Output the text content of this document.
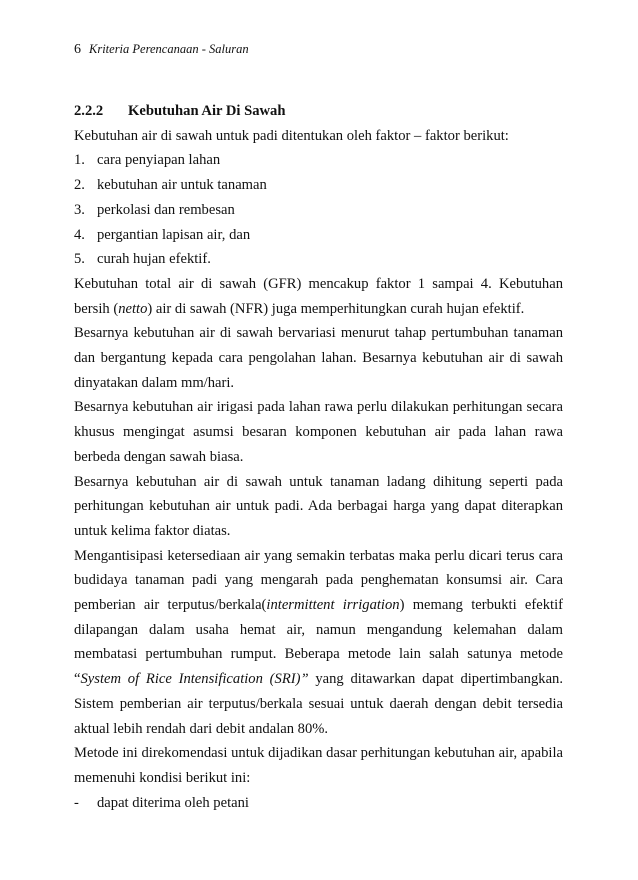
6 Kriteria Perencanaan - Saluran
2.2.2 Kebutuhan Air Di Sawah
Kebutuhan air di sawah untuk padi ditentukan oleh faktor – faktor berikut:
1. cara penyiapan lahan
2. kebutuhan air untuk tanaman
3. perkolasi dan rembesan
4. pergantian lapisan air, dan
5. curah hujan efektif.
Kebutuhan total air di sawah (GFR) mencakup faktor 1 sampai 4. Kebutuhan bersih (netto) air di sawah (NFR) juga memperhitungkan curah hujan efektif.
Besarnya kebutuhan air di sawah bervariasi menurut tahap pertumbuhan tanaman dan bergantung kepada cara pengolahan lahan. Besarnya kebutuhan air di sawah dinyatakan dalam mm/hari.
Besarnya kebutuhan air irigasi pada lahan rawa perlu dilakukan perhitungan secara khusus mengingat asumsi besaran komponen kebutuhan air pada lahan rawa berbeda dengan sawah biasa.
Besarnya kebutuhan air di sawah untuk tanaman ladang dihitung seperti pada perhitungan kebutuhan air untuk padi. Ada berbagai harga yang dapat diterapkan untuk kelima faktor diatas.
Mengantisipasi ketersediaan air yang semakin terbatas maka perlu dicari terus cara budidaya tanaman padi yang mengarah pada penghematan konsumsi air. Cara pemberian air terputus/berkala(intermittent irrigation) memang terbukti efektif dilapangan dalam usaha hemat air, namun mengandung kelemahan dalam membatasi pertumbuhan rumput. Beberapa metode lain salah satunya metode “System of Rice Intensification (SRI)” yang ditawarkan dapat dipertimbangkan. Sistem pemberian air terputus/berkala sesuai untuk daerah dengan debit tersedia aktual lebih rendah dari debit andalan 80%.
Metode ini direkomendasi untuk dijadikan dasar perhitungan kebutuhan air, apabila memenuhi kondisi berikut ini:
-	dapat diterima oleh petani
